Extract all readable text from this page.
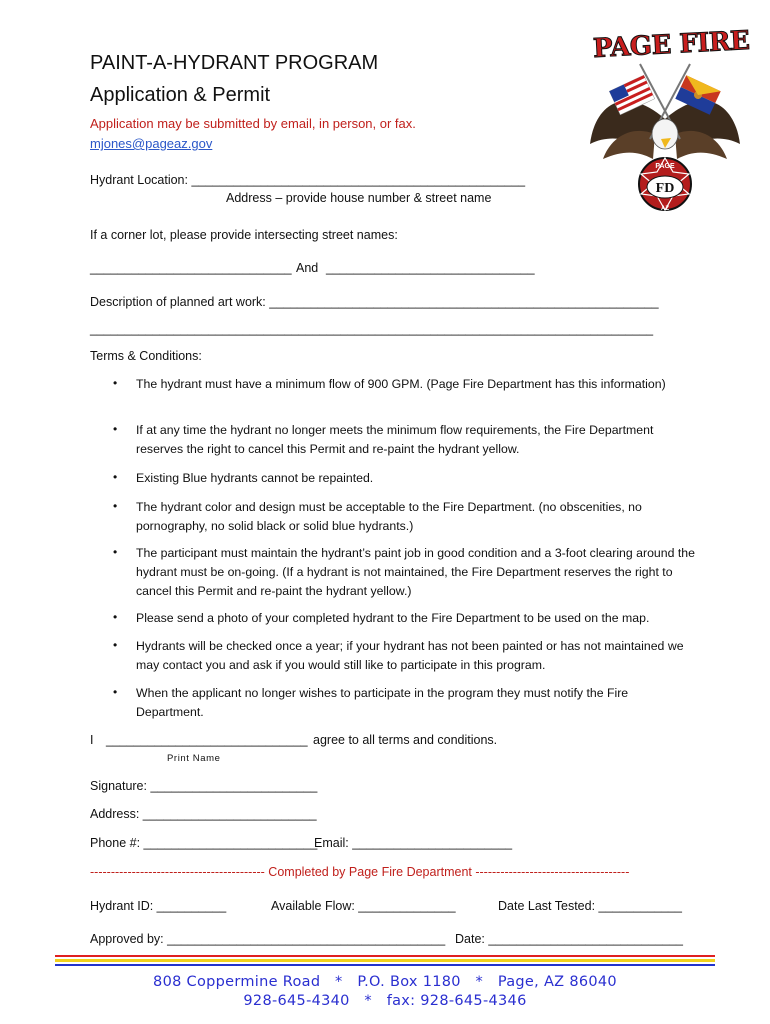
PAINT-A-HYDRANT PROGRAM
Application & Permit
Application may be submitted by email, in person, or fax.
mjones@pageaz.gov
PAGE
FD
AZ
PAGE FIRE
Hydrant Location: ________________________________________________
Address – provide house number & street name
If a corner lot, please provide intersecting street names:
_____________________________ And ______________________________
Description of planned art work: ________________________________________________________
_________________________________________________________________________________
Terms & Conditions:
• The hydrant must have a minimum flow of 900 GPM. (Page Fire Department has this information)
• If at any time the hydrant no longer meets the minimum flow requirements, the Fire Department reserves the right to cancel this Permit and re-paint the hydrant yellow.
• Existing Blue hydrants cannot be repainted.
• The hydrant color and design must be acceptable to the Fire Department. (no obscenities, no pornography, no solid black or solid blue hydrants.)
• The participant must maintain the hydrant’s paint job in good condition and a 3-foot clearing around the hydrant must be on-going. (If a hydrant is not maintained, the Fire Department reserves the right to cancel this Permit and re-paint the hydrant yellow.)
• Please send a photo of your completed hydrant to the Fire Department to be used on the map.
• Hydrants will be checked once a year; if your hydrant has not been painted or has not maintained we may contact you and ask if you would still like to participate in this program.
• When the applicant no longer wishes to participate in the program they must notify the Fire Department.
I _____________________________ agree to all terms and conditions.
Print Name
Signature: ________________________
Address: _________________________
Phone #: _________________________
Email: _______________________
------------------------------------------ Completed by Page Fire Department -------------------------------------
Hydrant ID: __________	Available Flow: ______________	Date Last Tested: ____________
Approved by: ________________________________________ Date: ____________________________
808 Coppermine Road   *   P.O. Box 1180   *   Page, AZ 86040
928-645-4340   *   fax: 928-645-4346
